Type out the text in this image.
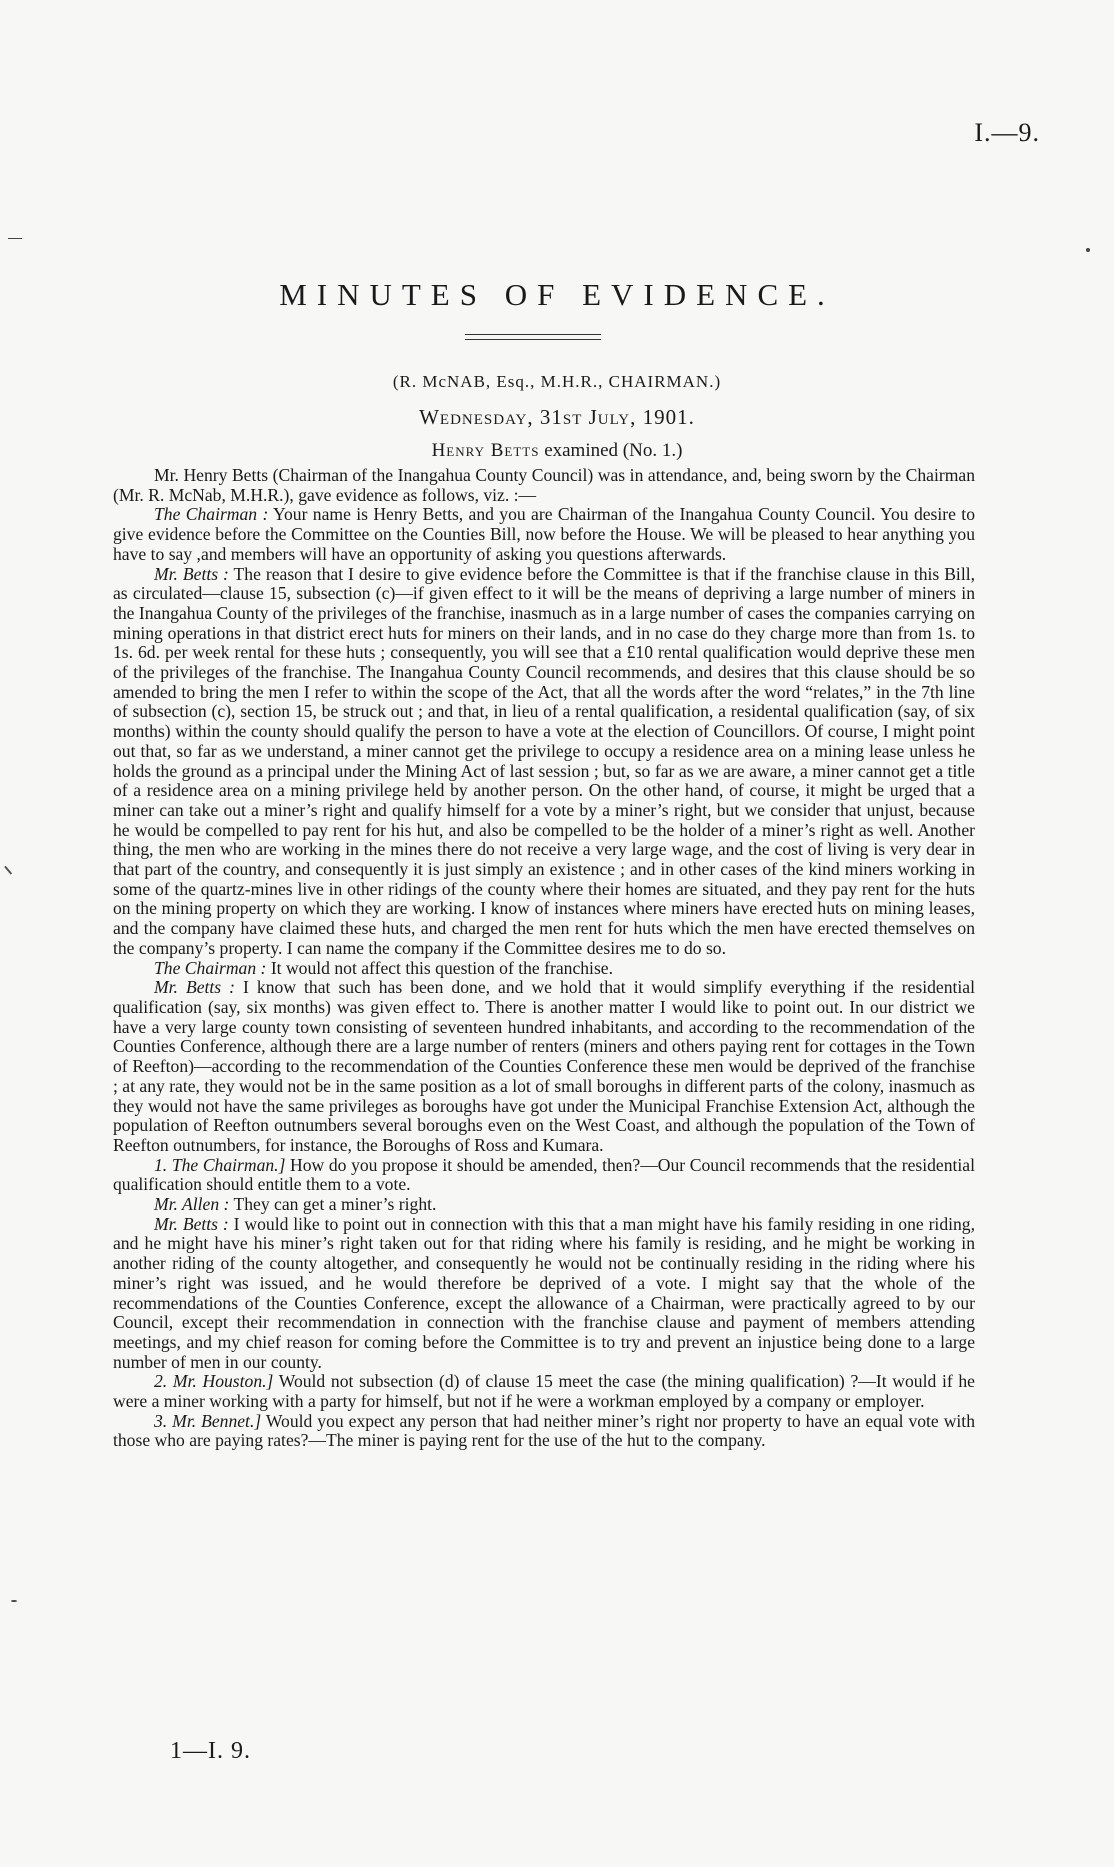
I.—9.
MINUTES OF EVIDENCE.
(R. McNAB, Esq., M.H.R., CHAIRMAN.)
Wednesday, 31st July, 1901.
Henry Betts examined (No. 1.)

Mr. Henry Betts (Chairman of the Inangahua County Council) was in attendance, and, being sworn by the Chairman (Mr. R. McNab, M.H.R.), gave evidence as follows, viz. :—

The Chairman : Your name is Henry Betts, and you are Chairman of the Inangahua County Council. You desire to give evidence before the Committee on the Counties Bill, now before the House. We will be pleased to hear anything you have to say ,and members will have an opportunity of asking you questions afterwards.

Mr. Betts : The reason that I desire to give evidence before the Committee is that if the franchise clause in this Bill, as circulated—clause 15, subsection (c)—if given effect to it will be the means of depriving a large number of miners in the Inangahua County of the privileges of the franchise, inasmuch as in a large number of cases the companies carrying on mining operations in that district erect huts for miners on their lands, and in no case do they charge more than from 1s. to 1s. 6d. per week rental for these huts ; consequently, you will see that a £10 rental qualification would deprive these men of the privileges of the franchise. The Inangahua County Council recommends, and desires that this clause should be so amended to bring the men I refer to within the scope of the Act, that all the words after the word “relates,” in the 7th line of subsection (c), section 15, be struck out ; and that, in lieu of a rental qualification, a residental qualification (say, of six months) within the county should qualify the person to have a vote at the election of Councillors. Of course, I might point out that, so far as we understand, a miner cannot get the privilege to occupy a residence area on a mining lease unless he holds the ground as a principal under the Mining Act of last session ; but, so far as we are aware, a miner cannot get a title of a residence area on a mining privilege held by another person. On the other hand, of course, it might be urged that a miner can take out a miner’s right and qualify himself for a vote by a miner’s right, but we consider that unjust, because he would be compelled to pay rent for his hut, and also be compelled to be the holder of a miner’s right as well. Another thing, the men who are working in the mines there do not receive a very large wage, and the cost of living is very dear in that part of the country, and consequently it is just simply an existence ; and in other cases of the kind miners working in some of the quartz-mines live in other ridings of the county where their homes are situated, and they pay rent for the huts on the mining property on which they are working. I know of instances where miners have erected huts on mining leases, and the company have claimed these huts, and charged the men rent for huts which the men have erected themselves on the company’s property. I can name the company if the Committee desires me to do so.

The Chairman : It would not affect this question of the franchise.

Mr. Betts : I know that such has been done, and we hold that it would simplify everything if the residential qualification (say, six months) was given effect to. There is another matter I would like to point out. In our district we have a very large county town consisting of seventeen hundred inhabitants, and according to the recommendation of the Counties Conference, although there are a large number of renters (miners and others paying rent for cottages in the Town of Reefton)—according to the recommendation of the Counties Conference these men would be deprived of the franchise ; at any rate, they would not be in the same position as a lot of small boroughs in different parts of the colony, inasmuch as they would not have the same privileges as boroughs have got under the Municipal Franchise Extension Act, although the population of Reefton outnumbers several boroughs even on the West Coast, and although the population of the Town of Reefton outnumbers, for instance, the Boroughs of Ross and Kumara.

1. The Chairman.] How do you propose it should be amended, then?—Our Council recommends that the residential qualification should entitle them to a vote.

Mr. Allen : They can get a miner’s right.

Mr. Betts : I would like to point out in connection with this that a man might have his family residing in one riding, and he might have his miner’s right taken out for that riding where his family is residing, and he might be working in another riding of the county altogether, and consequently he would not be continually residing in the riding where his miner’s right was issued, and he would therefore be deprived of a vote. I might say that the whole of the recommendations of the Counties Conference, except the allowance of a Chairman, were practically agreed to by our Council, except their recommendation in connection with the franchise clause and payment of members attending meetings, and my chief reason for coming before the Committee is to try and prevent an injustice being done to a large number of men in our county.

2. Mr. Houston.] Would not subsection (d) of clause 15 meet the case (the mining qualification) ?—It would if he were a miner working with a party for himself, but not if he were a workman employed by a company or employer.

3. Mr. Bennet.] Would you expect any person that had neither miner’s right nor property to have an equal vote with those who are paying rates?—The miner is paying rent for the use of the hut to the company.

1—I. 9.
